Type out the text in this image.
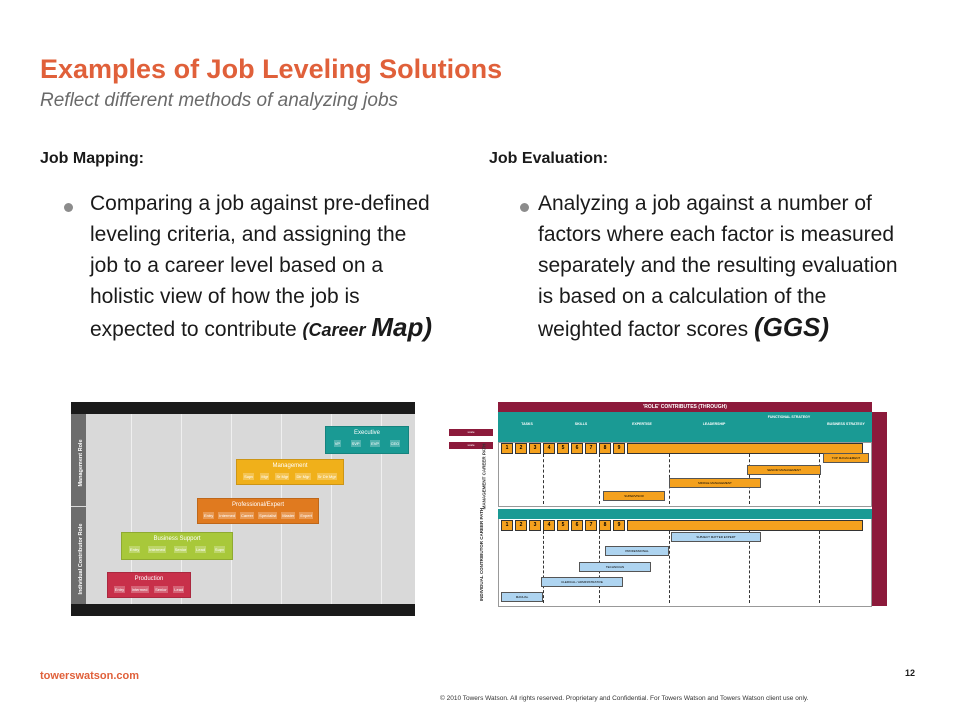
Examples of Job Leveling Solutions
Reflect different methods of analyzing jobs
Job Mapping:
Comparing a job against pre-defined leveling criteria, and assigning the job to a career level based on a holistic view of how the job is expected to contribute (Career Map)
Job Evaluation:
Analyzing a job against a number of factors where each factor is measured separately and the resulting evaluation is based on a calculation of the weighted factor scores (GGS)
Management Role
Individual Contributor Role
Executive
VP	SVP	EVP	CEO
Management
Supv Mgr Sr Mgr Dir Mgr Sr Dir Mgr
Professional/Expert
Entry Intermed Career Specialist Master Expert
Business Support
Entry Intermed Senior Lead Supv
Production
Entry Intermed Senior Lead
'ROLE' CONTRIBUTES (THROUGH)
TASKS	SKILLS	EXPERTISE	LEADERSHIP
FUNCTIONAL STRATEGY
BUSINESS STRATEGY
scale
scale	1	2	3	4	5	6	7	8	9
TOP MANAGEMENT
SENIOR MANAGEMENT
MIDDLE MANAGEMENT
SUPERVISOR
MANAGEMENT CAREER PATH
1	2	3	4	5	6	7	8	9
SUBJECT MATTER EXPERT
PROFESSIONAL
TECHNICIAN
CLERICAL / ADMINISTRATIVE
MANUAL
INDIVIDUAL CONTRIBUTOR CAREER PATH
towerswatson.com	12
© 2010 Towers Watson. All rights reserved. Proprietary and Confidential. For Towers Watson and Towers Watson client use only.
